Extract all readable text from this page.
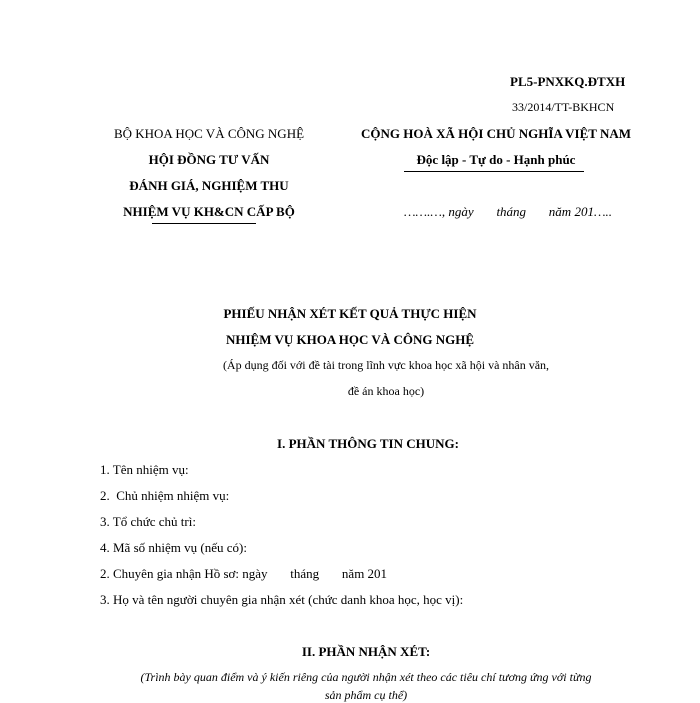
PL5-PNXKQ.ĐTXH
33/2014/TT-BKHCN
BỘ KHOA HỌC VÀ CÔNG NGHỆ
HỘI ĐỒNG TƯ VẤN
ĐÁNH GIÁ, NGHIỆM THU
NHIỆM VỤ KH&CN CẤP BỘ
CỘNG HOÀ XÃ HỘI CHỦ NGHĨA VIỆT NAM
Độc lập - Tự do - Hạnh phúc
…….…, ngày       tháng       năm 201…..
PHIẾU NHẬN XÉT KẾT QUẢ THỰC HIỆN
NHIỆM VỤ KHOA HỌC VÀ CÔNG NGHỆ
(Áp dụng đối với đề tài trong lĩnh vực khoa học xã hội và nhân văn,
đề án khoa học)
I. PHẦN THÔNG TIN CHUNG:
1. Tên nhiệm vụ:
2.  Chủ nhiệm nhiệm vụ:
3. Tổ chức chủ trì:
4. Mã số nhiệm vụ (nếu có):
2. Chuyên gia nhận Hồ sơ: ngày       tháng       năm 201
3. Họ và tên người chuyên gia nhận xét (chức danh khoa học, học vị):
II. PHẦN NHẬN XÉT:
(Trình bày quan điểm và ý kiến riêng của người nhận xét theo các tiêu chí tương ứng với từng
sản phẩm cụ thể)
